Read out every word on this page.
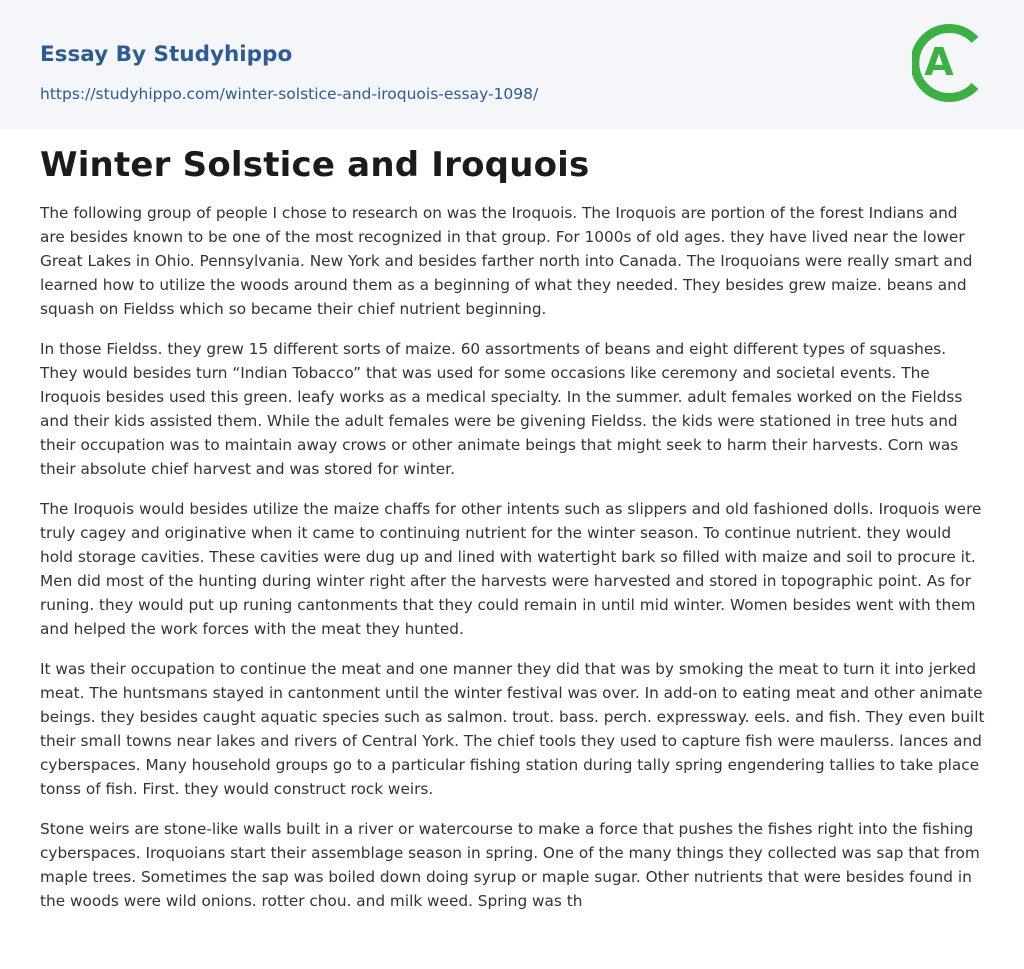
Essay By Studyhippo
https://studyhippo.com/winter-solstice-and-iroquois-essay-1098/
A
Winter Solstice and Iroquois

The following group of people I chose to research on was the Iroquois. The Iroquois are portion of the forest Indians and are besides known to be one of the most recognized in that group. For 1000s of old ages. they have lived near the lower Great Lakes in Ohio. Pennsylvania. New York and besides farther north into Canada. The Iroquoians were really smart and learned how to utilize the woods around them as a beginning of what they needed. They besides grew maize. beans and squash on Fieldss which so became their chief nutrient beginning.

In those Fieldss. they grew 15 different sorts of maize. 60 assortments of beans and eight different types of squashes. They would besides turn “Indian Tobacco” that was used for some occasions like ceremony and societal events. The Iroquois besides used this green. leafy works as a medical specialty. In the summer. adult females worked on the Fieldss and their kids assisted them. While the adult females were be givening Fieldss. the kids were stationed in tree huts and their occupation was to maintain away crows or other animate beings that might seek to harm their harvests. Corn was their absolute chief harvest and was stored for winter.

The Iroquois would besides utilize the maize chaffs for other intents such as slippers and old fashioned dolls. Iroquois were truly cagey and originative when it came to continuing nutrient for the winter season. To continue nutrient. they would hold storage cavities. These cavities were dug up and lined with watertight bark so filled with maize and soil to procure it. Men did most of the hunting during winter right after the harvests were harvested and stored in topographic point. As for runing. they would put up runing cantonments that they could remain in until mid winter. Women besides went with them and helped the work forces with the meat they hunted.

It was their occupation to continue the meat and one manner they did that was by smoking the meat to turn it into jerked meat. The huntsmans stayed in cantonment until the winter festival was over. In add-on to eating meat and other animate beings. they besides caught aquatic species such as salmon. trout. bass. perch. expressway. eels. and fish. They even built their small towns near lakes and rivers of Central York. The chief tools they used to capture fish were maulerss. lances and cyberspaces. Many household groups go to a particular fishing station during tally spring engendering tallies to take place tonss of fish. First. they would construct rock weirs.

Stone weirs are stone-like walls built in a river or watercourse to make a force that pushes the fishes right into the fishing cyberspaces. Iroquoians start their assemblage season in spring. One of the many things they collected was sap that from maple trees. Sometimes the sap was boiled down doing syrup or maple sugar. Other nutrients that were besides found in the woods were wild onions. rotter chou. and milk weed. Spring was th
